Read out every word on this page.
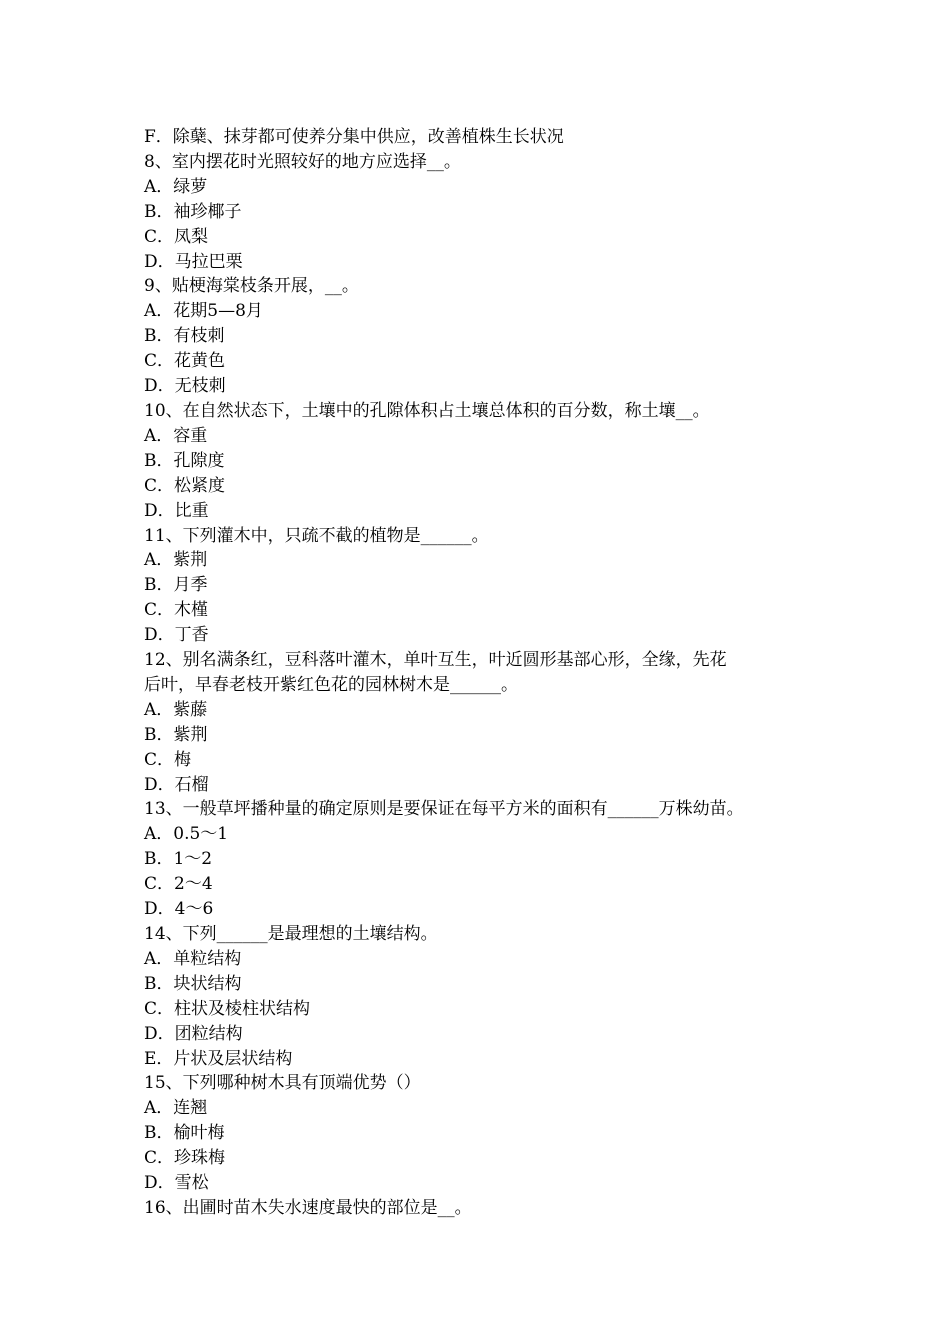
F．除蘖、抹芽都可使养分集中供应，改善植株生长状况

8、室内摆花时光照较好的地方应选择__。

A．绿萝

B．袖珍椰子

C．凤梨

D．马拉巴栗

9、贴梗海棠枝条开展，__。

A．花期5—8月

B．有枝刺

C．花黄色

D．无枝刺

10、在自然状态下，土壤中的孔隙体积占土壤总体积的百分数，称土壤__。

A．容重

B．孔隙度

C．松紧度

D．比重

11、下列灌木中，只疏不截的植物是______。

A．紫荆

B．月季

C．木槿

D．丁香

12、别名满条红，豆科落叶灌木，单叶互生，叶近圆形基部心形，全缘，先花

后叶，早春老枝开紫红色花的园林树木是______。

A．紫藤

B．紫荆

C．梅

D．石榴

13、一般草坪播种量的确定原则是要保证在每平方米的面积有______万株幼苗。

A．0.5～1

B．1～2

C．2～4

D．4～6

14、下列______是最理想的土壤结构。

A．单粒结构

B．块状结构

C．柱状及棱柱状结构

D．团粒结构

E．片状及层状结构

15、下列哪种树木具有顶端优势（）

A．连翘

B．榆叶梅

C．珍珠梅

D．雪松

16、出圃时苗木失水速度最快的部位是__。
